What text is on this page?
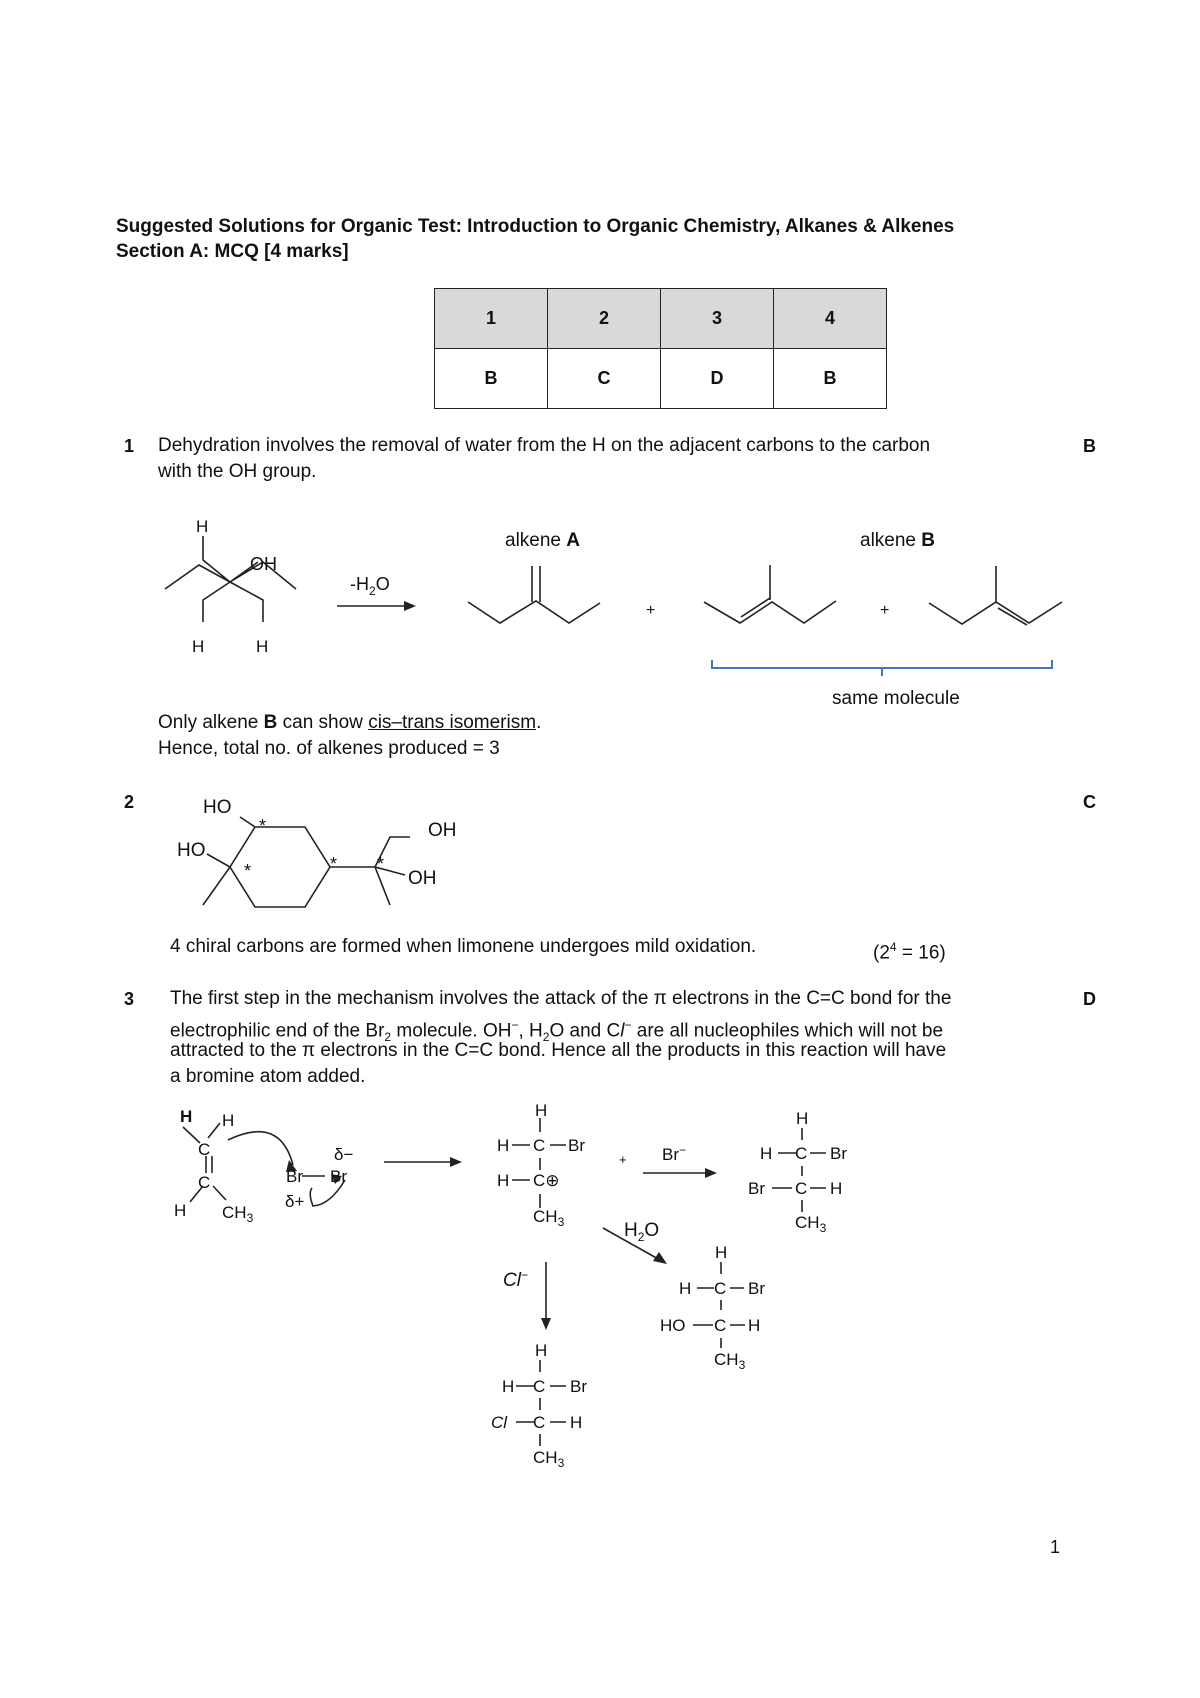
Suggested Solutions for Organic Test: Introduction to Organic Chemistry, Alkanes & Alkenes
Section A: MCQ [4 marks]
1	2	3	4
B	C	D	B
1	B
Dehydration involves the removal of water from the H on the adjacent carbons to the carbon
with the OH group.
Only alkene B can show cis–trans isomerism.
Hence, total no. of alkenes produced = 3
2	C
4 chiral carbons are formed when limonene undergoes mild oxidation.	$(2^4 = 16)$
3	D
The first step in the mechanism involves the attack of the π electrons in the C=C bond for the
electrophilic end of the $Br_2$ molecule. OH−, $H_2O$ and Cl− are all nucleophiles which will not be
attracted to the π electrons in the C=C bond. Hence all the products in this reaction will have
a bromine atom added.
H
OH
H	H
$-H_2O$
alkene A	alkene B
+	+
same molecule
HO
HO
OH
OH
*
*	* *
H H
C
C
H $CH_3$
Br Br
δ−
δ+
H
H C Br
H C⊕
$CH_3$
+ Br−
H
H C Br
Br C H
$CH_3$
$H_2O$
H
H C Br
HO C H
$CH_3$
Cl−
H
H C Br
Cl C H
$CH_3$
1
